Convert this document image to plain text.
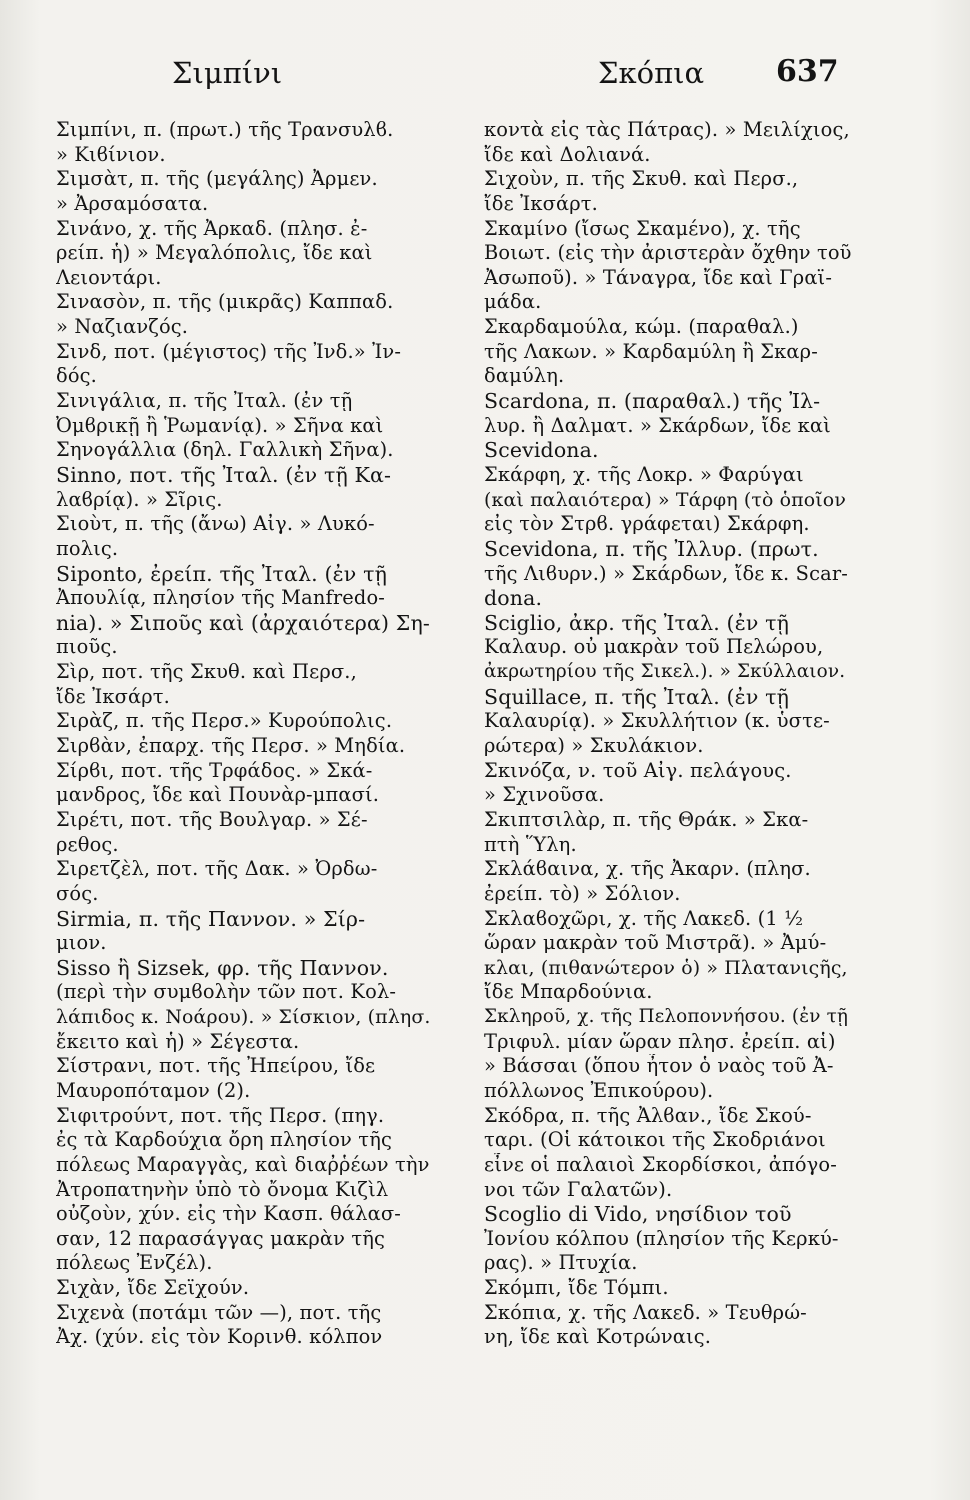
Σιμπίνι	Σκόπια 637
Σιμπίνι, π. (πρωτ.) τῆς Τρανσυλϐ.
» Κιϐίνιον.
Σιμσὰτ, π. τῆς (μεγάλης) Ἀρμεν.
» Ἀρσαμόσατα.
Σινάνο, χ. τῆς Ἀρκαδ. (πλησ. ἐ-
ρείπ. ἡ) » Μεγαλόπολις, ἴδε καὶ
Λειοντάρι.
Σινασὸν, π. τῆς (μικρᾶς) Καππαδ.
» Ναζιανζός.
Σινδ, ποτ. (μέγιστος) τῆς Ἰνδ.» Ἰν-
δός.
Σινιγάλια, π. τῆς Ἰταλ. (ἐν τῇ
Ὀμϐρικῇ ἢ Ῥωμανίᾳ). » Σῆνα καὶ
Σηνογάλλια (δηλ. Γαλλικὴ Σῆνα).
Sinno, ποτ. τῆς Ἰταλ. (ἐν τῇ Κα-
λαϐρίᾳ). » Σῖρις.
Σιοὺτ, π. τῆς (ἄνω) Αἰγ. » Λυκό-
πολις.
Siponto, ἐρείπ. τῆς Ἰταλ. (ἐν τῇ
Ἀπουλίᾳ, πλησίον τῆς Manfredo-
nia). » Σιποῦς καὶ (ἀρχαιότερα) Ση-
πιοῦς.
Σὶρ, ποτ. τῆς Σκυθ. καὶ Περσ.,
ἴδε Ἰκσάρτ.
Σιρὰζ, π. τῆς Περσ.» Κυρούπολις.
Σιρϐὰν, ἐπαρχ. τῆς Περσ. » Μηδία.
Σίρϐι, ποτ. τῆς Τρφάδος. » Σκά-
μανδρος, ἴδε καὶ Πουνὰρ-μπασί.
Σιρέτι, ποτ. τῆς Βουλγαρ. » Σέ-
ρεθος.
Σιρετζὲλ, ποτ. τῆς Δακ. » Ὀρδω-
σός.
Sirmia, π. τῆς Παννον. » Σίρ-
μιον.
Sisso ἢ Sizsek, φρ. τῆς Παννον.
(περὶ τὴν συμϐολὴν τῶν ποτ. Κολ-
λάπιδος κ. Νοάρου). » Σίσκιον, (πλησ.
ἔκειτο καὶ ἡ) » Σέγεστα.
Σίστρανι, ποτ. τῆς Ἠπείρου, ἴδε
Μαυροπόταμον (2).
Σιφιτρούντ, ποτ. τῆς Περσ. (πηγ.
ἐς τὰ Καρδούχια ὄρη πλησίον τῆς
πόλεως Μαραγγὰς, καὶ διαῤῥέων τὴν
Ἀτροπατηνὴν ὑπὸ τὸ ὄνομα Κιζὶλ
οὐζοὺν, χύν. εἰς τὴν Κασπ. θάλασ-
σαν, 12 παρασάγγας μακρὰν τῆς
πόλεως Ἐνζέλ).
Σιχὰν, ἴδε Σεϊχούν.
Σιχενὰ (ποτάμι τῶν —), ποτ. τῆς
Ἀχ. (χύν. εἰς τὸν Κορινθ. κόλπον
κοντὰ εἰς τὰς Πάτρας). » Μειλίχιος,
ἴδε καὶ Δολιανά.
Σιχοὺν, π. τῆς Σκυθ. καὶ Περσ.,
ἴδε Ἰκσάρτ.
Σκαμίνο (ἴσως Σκαμένο), χ. τῆς
Βοιωτ. (εἰς τὴν ἀριστερὰν ὄχθην τοῦ
Ἀσωποῦ). » Τάναγρα, ἴδε καὶ Γραϊ-
μάδα.
Σκαρδαμούλα, κώμ. (παραθαλ.)
τῆς Λακων. » Καρδαμύλη ἢ Σκαρ-
δαμύλη.
Scardona, π. (παραθαλ.) τῆς Ἰλ-
λυρ. ἢ Δαλματ. » Σκάρδων, ἴδε καὶ
Scevidona.
Σκάρφη, χ. τῆς Λοκρ. » Φαρύγαι
(καὶ παλαιότερα) » Τάρφη (τὸ ὁποῖον
εἰς τὸν Στρϐ. γράφεται) Σκάρφη.
Scevidona, π. τῆς Ἰλλυρ. (πρωτ.
τῆς Λιϐυρν.) » Σκάρδων, ἴδε κ. Scar-
dona.
Sciglio, ἀκρ. τῆς Ἰταλ. (ἐν τῇ
Καλαυρ. οὐ μακρὰν τοῦ Πελώρου,
ἀκρωτηρίου τῆς Σικελ.). » Σκύλλαιον.
Squillace, π. τῆς Ἰταλ. (ἐν τῇ
Καλαυρίᾳ). » Σκυλλήτιον (κ. ὑστε-
ρώτερα) » Σκυλάκιον.
Σκινόζα, ν. τοῦ Αἰγ. πελάγους.
» Σχινοῦσα.
Σκιπτσιλὰρ, π. τῆς Θράκ. » Σκα-
πτὴ Ὕλη.
Σκλάϐαινα, χ. τῆς Ἀκαρν. (πλησ.
ἐρείπ. τὸ) » Σόλιον.
Σκλαϐοχῶρι, χ. τῆς Λακεδ. (1 ½
ὥραν μακρὰν τοῦ Μιστρᾶ). » Ἀμύ-
κλαι, (πιθανώτερον ὁ) » Πλατανιςῆς,
ἴδε Μπαρδούνια.
Σκληροῦ, χ. τῆς Πελοποννήσου. (ἐν τῇ
Τριφυλ. μίαν ὥραν πλησ. ἐρείπ. αἱ)
» Βάσσαι (ὅπου ἦτον ὁ ναὸς τοῦ Ἀ-
πόλλωνος Ἐπικούρου).
Σκόδρα, π. τῆς Ἀλϐαν., ἴδε Σκού-
ταρι. (Οἱ κάτοικοι τῆς Σκοδριάνοι
εἶνε οἱ παλαιοὶ Σκορδίσκοι, ἀπόγο-
νοι τῶν Γαλατῶν).
Scoglio di Vido, νησίδιον τοῦ
Ἰονίου κόλπου (πλησίον τῆς Κερκύ-
ρας). » Πτυχία.
Σκόμπι, ἴδε Τόμπι.
Σκόπια, χ. τῆς Λακεδ. » Τευθρώ-
νη, ἴδε καὶ Κοτρώναις.
